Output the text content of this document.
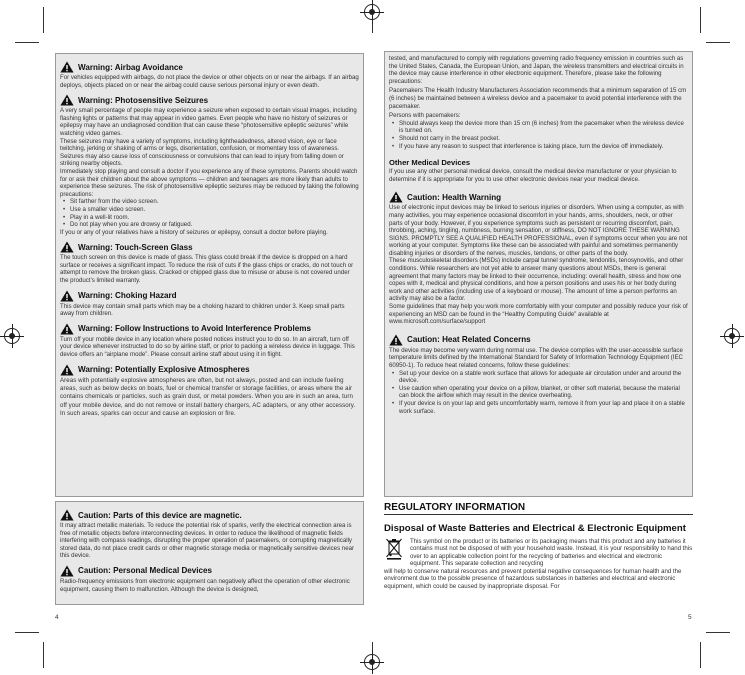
Warning: Airbag Avoidance
For vehicles equipped with airbags, do not place the device or other objects on or near the airbags. If an airbag deploys, objects placed on or near the airbag could cause serious personal injury or even death.
Warning: Photosensitive Seizures
A very small percentage of people may experience a seizure when exposed to certain visual images, including flashing lights or patterns that may appear in video games. Even people who have no history of seizures or epilepsy may have an undiagnosed condition that can cause these “photosensitive epileptic seizures” while watching video games.
These seizures may have a variety of symptoms, including lightheadedness, altered vision, eye or face twitching, jerking or shaking of arms or legs, disorientation, confusion, or momentary loss of awareness.
Seizures may also cause loss of consciousness or convulsions that can lead to injury from falling down or striking nearby objects.
Immediately stop playing and consult a doctor if you experience any of these symptoms. Parents should watch for or ask their children about the above symptoms — children and teenagers are more likely than adults to experience these seizures. The risk of photosensitive epileptic seizures may be reduced by taking the following precautions:
• Sit farther from the video screen.
• Use a smaller video screen.
• Play in a well-lit room.
• Do not play when you are drowsy or fatigued.
If you or any of your relatives have a history of seizures or epilepsy, consult a doctor before playing.
Warning: Touch-Screen Glass
The touch screen on this device is made of glass. This glass could break if the device is dropped on a hard surface or receives a significant impact. To reduce the risk of cuts if the glass chips or cracks, do not touch or attempt to remove the broken glass. Cracked or chipped glass due to misuse or abuse is not covered under the product’s limited warranty.
Warning: Choking Hazard
This device may contain small parts which may be a choking hazard to children under 3. Keep small parts away from children.
Warning: Follow Instructions to Avoid Interference Problems
Turn off your mobile device in any location where posted notices instruct you to do so. In an aircraft, turn off your device whenever instructed to do so by airline staff, or prior to packing a wireless device in luggage. This device offers an “airplane mode”. Please consult airline staff about using it in flight.
Warning: Potentially Explosive Atmospheres
Areas with potentially explosive atmospheres are often, but not always, posted and can include fueling areas, such as below decks on boats, fuel or chemical transfer or storage facilities, or areas where the air contains chemicals or particles, such as grain dust, or metal powders. When you are in such an area, turn off your mobile device, and do not remove or install battery chargers, AC adapters, or any other accessory. In such areas, sparks can occur and cause an explosion or fire.
Caution: Parts of this device are magnetic.
It may attract metallic materials. To reduce the potential risk of sparks, verify the electrical connection area is free of metallic objects before interconnecting devices. In order to reduce the likelihood of magnetic fields interfering with compass readings, disrupting the proper operation of pacemakers, or corrupting magnetically stored data, do not place credit cards or other magnetic storage media or magnetically sensitive devices near this device.
Caution: Personal Medical Devices
Radio-frequency emissions from electronic equipment can negatively affect the operation of other electronic equipment, causing them to malfunction. Although the device is designed,
tested, and manufactured to comply with regulations governing radio frequency emission in countries such as the United States, Canada, the European Union, and Japan, the wireless transmitters and electrical circuits in the device may cause interference in other electronic equipment. Therefore, please take the following precautions:
Pacemakers The Health Industry Manufacturers Association recommends that a minimum separation of 15 cm (6 inches) be maintained between a wireless device and a pacemaker to avoid potential interference with the pacemaker.
Persons with pacemakers:
• Should always keep the device more than 15 cm (6 inches) from the pacemaker when the wireless device is turned on.
• Should not carry in the breast pocket.
• If you have any reason to suspect that interference is taking place, turn the device off immediately.
Other Medical Devices
If you use any other personal medical device, consult the medical device manufacturer or your physician to determine if it is appropriate for you to use other electronic devices near your medical device.
Caution: Health Warning
Use of electronic input devices may be linked to serious injuries or disorders. When using a computer, as with many activities, you may experience occasional discomfort in your hands, arms, shoulders, neck, or other parts of your body. However, if you experience symptoms such as persistent or recurring discomfort, pain, throbbing, aching, tingling, numbness, burning sensation, or stiffness, DO NOT IGNORE THESE WARNING SIGNS. PROMPTLY SEE A QUALIFIED HEALTH PROFESSIONAL, even if symptoms occur when you are not working at your computer. Symptoms like these can be associated with painful and sometimes permanently disabling injuries or disorders of the nerves, muscles, tendons, or other parts of the body.
These musculoskeletal disorders (MSDs) include carpal tunnel syndrome, tendonitis, tenosynovitis, and other conditions. While researchers are not yet able to answer many questions about MSDs, there is general agreement that many factors may be linked to their occurrence, including: overall health, stress and how one copes with it, medical and physical conditions, and how a person positions and uses his or her body during work and other activities (including use of a keyboard or mouse). The amount of time a person performs an activity may also be a factor.
Some guidelines that may help you work more comfortably with your computer and possibly reduce your risk of experiencing an MSD can be found in the “Healthy Computing Guide” available at www.microsoft.com/surface/support
Caution: Heat Related Concerns
The device may become very warm during normal use. The device complies with the user-accessible surface temperature limits defined by the International Standard for Safety of Information Technology Equipment (IEC 60950-1). To reduce heat related concerns, follow these guidelines:
• Set up your device on a stable work surface that allows for adequate air circulation under and around the device.
• Use caution when operating your device on a pillow, blanket, or other soft material, because the material can block the airflow which may result in the device overheating.
• If your device is on your lap and gets uncomfortably warm, remove it from your lap and place it on a stable work surface.
REGULATORY INFORMATION
Disposal of Waste Batteries and Electrical & Electronic Equipment
This symbol on the product or its batteries or its packaging means that this product and any batteries it contains must not be disposed of with your household waste. Instead, it is your responsibility to hand this over to an applicable collection point for the recycling of batteries and electrical and electronic equipment. This separate collection and recycling
will help to conserve natural resources and prevent potential negative consequences for human health and the environment due to the possible presence of hazardous substances in batteries and electrical and electronic equipment, which could be caused by inappropriate disposal. For
4	5
